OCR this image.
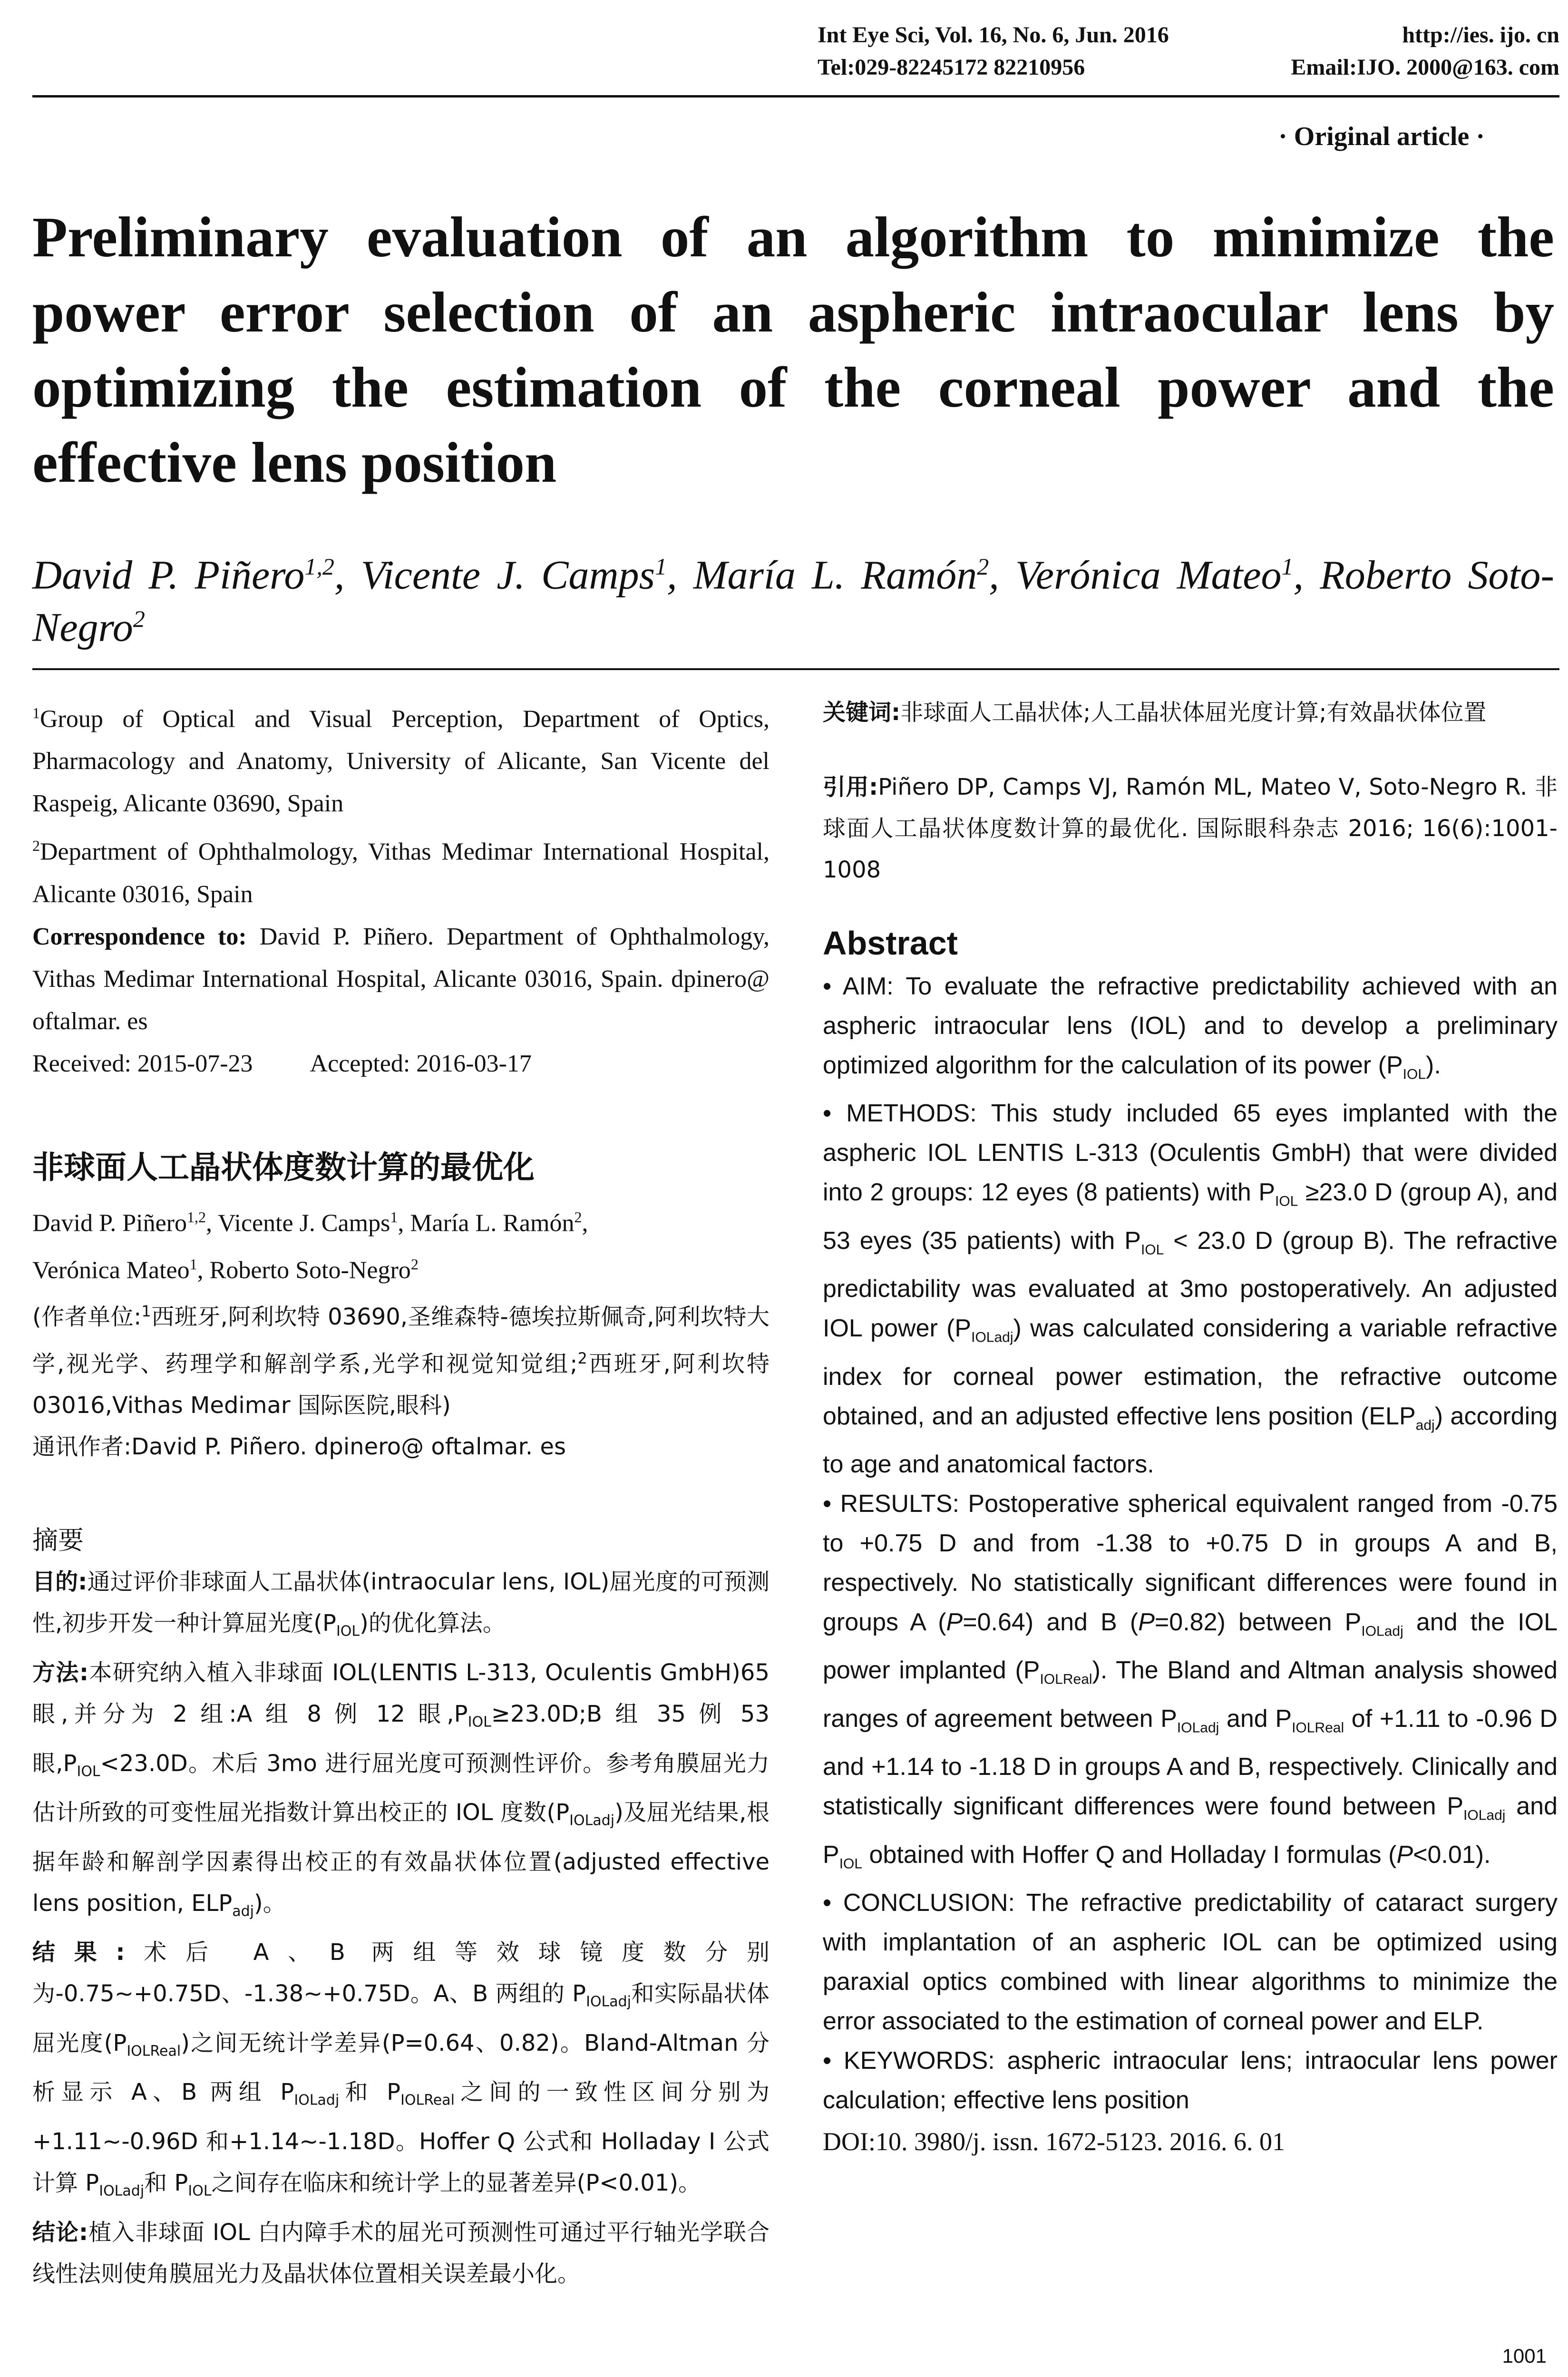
Int Eye Sci, Vol. 16, No. 6, Jun. 2016	http://ies. ijo. cn
Tel:029-82245172 82210956	Email:IJO. 2000@163. com
· Original article ·
Preliminary evaluation of an algorithm to minimize the power error selection of an aspheric intraocular lens by optimizing the estimation of the corneal power and the effective lens position
David P. Piñero$^{1,2}$, Vicente J. Camps$^1$, María L. Ramón$^2$, Verónica Mateo$^1$, Roberto Soto-Negro$^2$

$^1$Group of Optical and Visual Perception, Department of Optics, Pharmacology and Anatomy, University of Alicante, San Vicente del Raspeig, Alicante 03690, Spain

$^2$Department of Ophthalmology, Vithas Medimar International Hospital, Alicante 03016, Spain

Correspondence to: David P. Piñero. Department of Ophthalmology, Vithas Medimar International Hospital, Alicante 03016, Spain. dpinero@ oftalmar. es

Received: 2015-07-23 Accepted: 2016-03-17

非球面人工晶状体度数计算的最优化

David P. Piñero$^{1,2}$, Vicente J. Camps$^1$, María L. Ramón$^2$,
Verónica Mateo$^1$, Roberto Soto-Negro$^2$

(作者单位:$^1$西班牙,阿利坎特 03690,圣维森特-德埃拉斯佩奇,阿利坎特大学,视光学、药理学和解剖学系,光学和视觉知觉组;$^2$西班牙,阿利坎特 03016,Vithas Medimar 国际医院,眼科)

通讯作者:David P. Piñero. dpinero@ oftalmar. es

摘要

目的:通过评价非球面人工晶状体(intraocular lens, IOL)屈光度的可预测性,初步开发一种计算屈光度$(P_{IOL})$的优化算法。

方法:本研究纳入植入非球面 IOL(LENTIS L-313, Oculentis GmbH)65 眼,并分为 2 组:A 组 8 例 12 眼$,P_{IOL}\ge 23.0D;B$ 组 35 例 53 眼$,P_{IOL}<23.0D$。术后 3mo 进行屈光度可预测性评价。参考角膜屈光力估计所致的可变性屈光指数计算出校正的 IOL 度数$(P_{IOLadj})$及屈光结果,根据年龄和解剖学因素得出校正的有效晶状体位置(adjusted effective lens position, $ELP_{adj}$)。

结果:术后 A、B 两组等效球镜度数分别为-0.75~+0.75D、-1.38~+0.75D。A、B 两组的 $P_{IOLadj}$和实际晶状体屈光度$(P_{IOLReal})$之间无统计学差异(P=0.64、0.82)。Bland-Altman 分析显示 A、B 两组 $P_{IOLadj}$和 $P_{IOLReal}$之间的一致性区间分别为+1.11~-0.96D 和+1.14~-1.18D。Hoffer Q 公式和 Holladay I 公式计算 $P_{IOLadj}$和 $P_{IOL}$之间存在临床和统计学上的显著差异(P<0.01)。

结论:植入非球面 IOL 白内障手术的屈光可预测性可通过平行轴光学联合线性法则使角膜屈光力及晶状体位置相关误差最小化。

关键词:非球面人工晶状体;人工晶状体屈光度计算;有效晶状体位置

引用:Piñero DP, Camps VJ, Ramón ML, Mateo V, Soto-Negro R. 非球面人工晶状体度数计算的最优化. 国际眼科杂志 2016; 16(6):1001-1008

Abstract

• AIM: To evaluate the refractive predictability achieved with an aspheric intraocular lens (IOL) and to develop a preliminary optimized algorithm for the calculation of its power $(P_{IOL})$.

• METHODS: This study included 65 eyes implanted with the aspheric IOL LENTIS L-313 (Oculentis GmbH) that were divided into 2 groups: 12 eyes (8 patients) with $P_{IOL} \ge 23.0$ D (group A), and 53 eyes (35 patients) with $P_{IOL} < 23.0$ D (group B). The refractive predictability was evaluated at 3mo postoperatively. An adjusted IOL power $(P_{IOLadj})$ was calculated considering a variable refractive index for corneal power estimation, the refractive outcome obtained, and an adjusted effective lens position $(ELP_{adj})$ according to age and anatomical factors.

• RESULTS: Postoperative spherical equivalent ranged from -0.75 to +0.75 D and from -1.38 to +0.75 D in groups A and B, respectively. No statistically significant differences were found in groups A (P=0.64) and B (P=0.82) between $P_{IOLadj}$ and the IOL power implanted $(P_{IOLReal})$. The Bland and Altman analysis showed ranges of agreement between $P_{IOLadj}$ and $P_{IOLReal}$ of +1.11 to -0.96 D and +1.14 to -1.18 D in groups A and B, respectively. Clinically and statistically significant differences were found between $P_{IOLadj}$ and $P_{IOL}$ obtained with Hoffer Q and Holladay I formulas (P<0.01).

• CONCLUSION: The refractive predictability of cataract surgery with implantation of an aspheric IOL can be optimized using paraxial optics combined with linear algorithms to minimize the error associated to the estimation of corneal power and ELP.

• KEYWORDS: aspheric intraocular lens; intraocular lens power calculation; effective lens position

DOI:10. 3980/j. issn. 1672-5123. 2016. 6. 01

1001
